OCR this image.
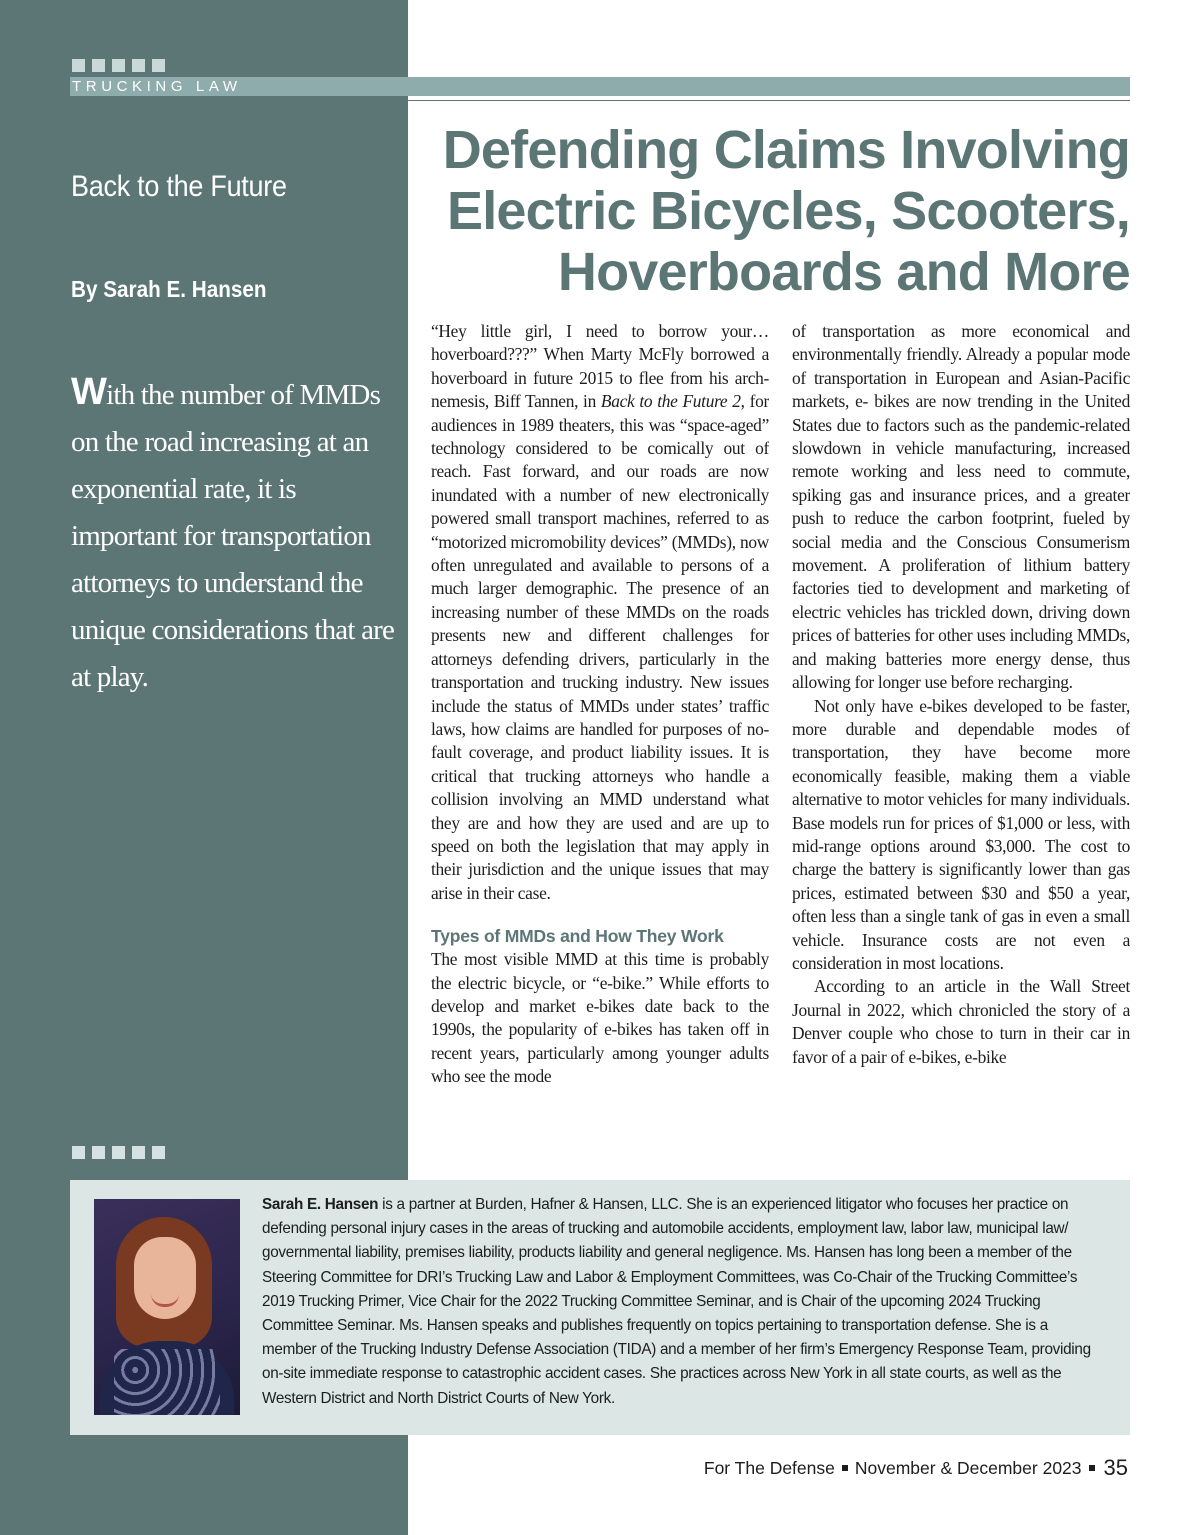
TRUCKING LAW
Back to the Future
By Sarah E. Hansen
With the number of MMDs on the road increasing at an exponential rate, it is important for transportation attorneys to understand the unique considerations that are at play.
Defending Claims Involving
Electric Bicycles, Scooters,
Hoverboards and More

“Hey little girl, I need to borrow your… hoverboard???” When Marty McFly borrowed a hoverboard in future 2015 to flee from his arch-nemesis, Biff Tannen, in Back to the Future 2, for audiences in 1989 theaters, this was “space-aged” technology considered to be comically out of reach. Fast forward, and our roads are now inundated with a number of new electronically powered small transport machines, referred to as “motorized micromobility devices” (MMDs), now often unregulated and available to persons of a much larger demographic. The presence of an increasing number of these MMDs on the roads presents new and different challenges for attorneys defending drivers, particularly in the transportation and trucking industry. New issues include the status of MMDs under states’ traffic laws, how claims are handled for purposes of no-fault coverage, and product liability issues. It is critical that trucking attorneys who handle a collision involving an MMD understand what they are and how they are used and are up to speed on both the legislation that may apply in their jurisdiction and the unique issues that may arise in their case.

Types of MMDs and How They Work

The most visible MMD at this time is probably the electric bicycle, or “e-bike.” While efforts to develop and market e-bikes date back to the 1990s, the popularity of e-bikes has taken off in recent years, particularly among younger adults who see the mode

of transportation as more economical and environmentally friendly. Already a popular mode of transportation in European and Asian-Pacific markets, e- bikes are now trending in the United States due to factors such as the pandemic-related slowdown in vehicle manufacturing, increased remote working and less need to commute, spiking gas and insurance prices, and a greater push to reduce the carbon footprint, fueled by social media and the Conscious Consumerism movement. A proliferation of lithium battery factories tied to development and marketing of electric vehicles has trickled down, driving down prices of batteries for other uses including MMDs, and making batteries more energy dense, thus allowing for longer use before recharging.

Not only have e-bikes developed to be faster, more durable and dependable modes of transportation, they have become more economically feasible, making them a viable alternative to motor vehicles for many individuals. Base models run for prices of $1,000 or less, with mid-range options around $3,000. The cost to charge the battery is significantly lower than gas prices, estimated between $30 and $50 a year, often less than a single tank of gas in even a small vehicle. Insurance costs are not even a consideration in most locations.

According to an article in the Wall Street Journal in 2022, which chronicled the story of a Denver couple who chose to turn in their car in favor of a pair of e-bikes, e-bike

Sarah E. Hansen is a partner at Burden, Hafner & Hansen, LLC. She is an experienced litigator who focuses her practice on defending personal injury cases in the areas of trucking and automobile accidents, employment law, labor law, municipal law/ governmental liability, premises liability, products liability and general negligence. Ms. Hansen has long been a member of the Steering Committee for DRI’s Trucking Law and Labor & Employment Committees, was Co-Chair of the Trucking Committee’s 2019 Trucking Primer, Vice Chair for the 2022 Trucking Committee Seminar, and is Chair of the upcoming 2024 Trucking Committee Seminar. Ms. Hansen speaks and publishes frequently on topics pertaining to transportation defense. She is a member of the Trucking Industry Defense Association (TIDA) and a member of her firm’s Emergency Response Team, providing on-site immediate response to catastrophic accident cases. She practices across New York in all state courts, as well as the Western District and North District Courts of New York.

For The Defense November & December 2023 35
